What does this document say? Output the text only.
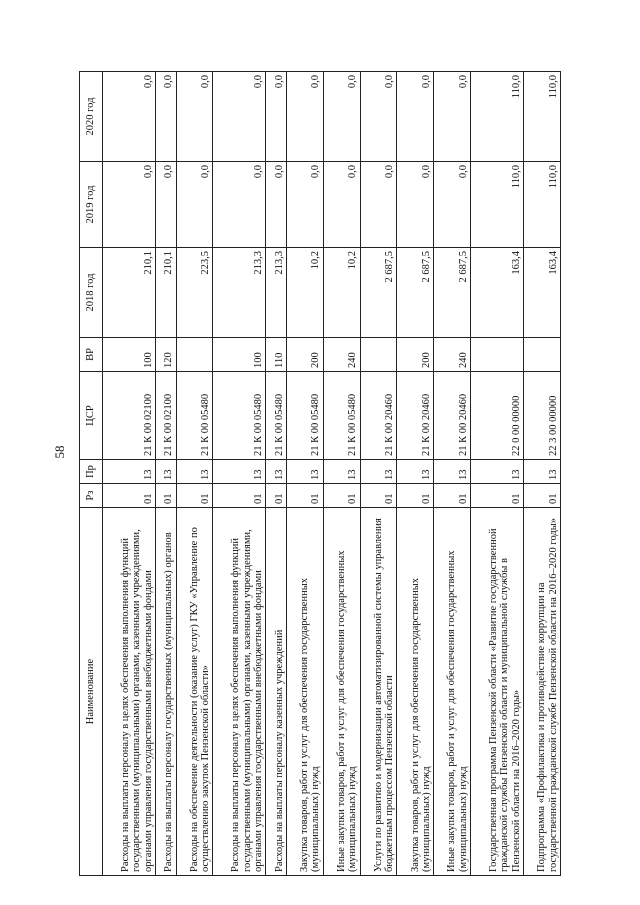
58
Наименование	Рз	Пр	ЦСР	ВР	2018 год	2019 год	2020 год
Расходы на выплаты персоналу в целях обеспечения выполнения функций государственными (муниципальными) органами, казенными учреждениями, органами управления государственными внебюджетными фондами	01	13	21 К 00 02100	100	210,1	0,0	0,0
Расходы на выплаты персоналу государственных (муниципальных) органов	01	13	21 К 00 02100	120	210,1	0,0	0,0
Расходы на обеспечение деятельности (оказание услуг) ГКУ «Управление по осуществлению закупок Пензенской области»	01	13	21 К 00 05480		223,5	0,0	0,0
Расходы на выплаты персоналу в целях обеспечения выполнения функций государственными (муниципальными) органами, казенными учреждениями, органами управления государственными внебюджетными фондами	01	13	21 К 00 05480	100	213,3	0,0	0,0
Расходы на выплаты персоналу казенных учреждений	01	13	21 К 00 05480	110	213,3	0,0	0,0
Закупка товаров, работ и услуг для обеспечения государственных (муниципальных) нужд	01	13	21 К 00 05480	200	10,2	0,0	0,0
Иные закупки товаров, работ и услуг для обеспечения государственных (муниципальных) нужд	01	13	21 К 00 05480	240	10,2	0,0	0,0
Услуги по развитию и модернизации автоматизированной системы управления бюджетным процессом Пензенской области	01	13	21 К 00 20460		2 687,5	0,0	0,0
Закупка товаров, работ и услуг для обеспечения государственных (муниципальных) нужд	01	13	21 К 00 20460	200	2 687,5	0,0	0,0
Иные закупки товаров, работ и услуг для обеспечения государственных (муниципальных) нужд	01	13	21 К 00 20460	240	2 687,5	0,0	0,0
Государственная программа Пензенской области «Развитие государственной гражданской службы Пензенской области и муниципальной службы в Пензенской области на 2016–2020 годы»	01	13	22 0 00 00000		163,4	110,0	110,0
Подпрограмма «Профилактика и противодействие коррупции на государственной гражданской службе Пензенской области на 2016–2020 годы»	01	13	22 3 00 00000		163,4	110,0	110,0
